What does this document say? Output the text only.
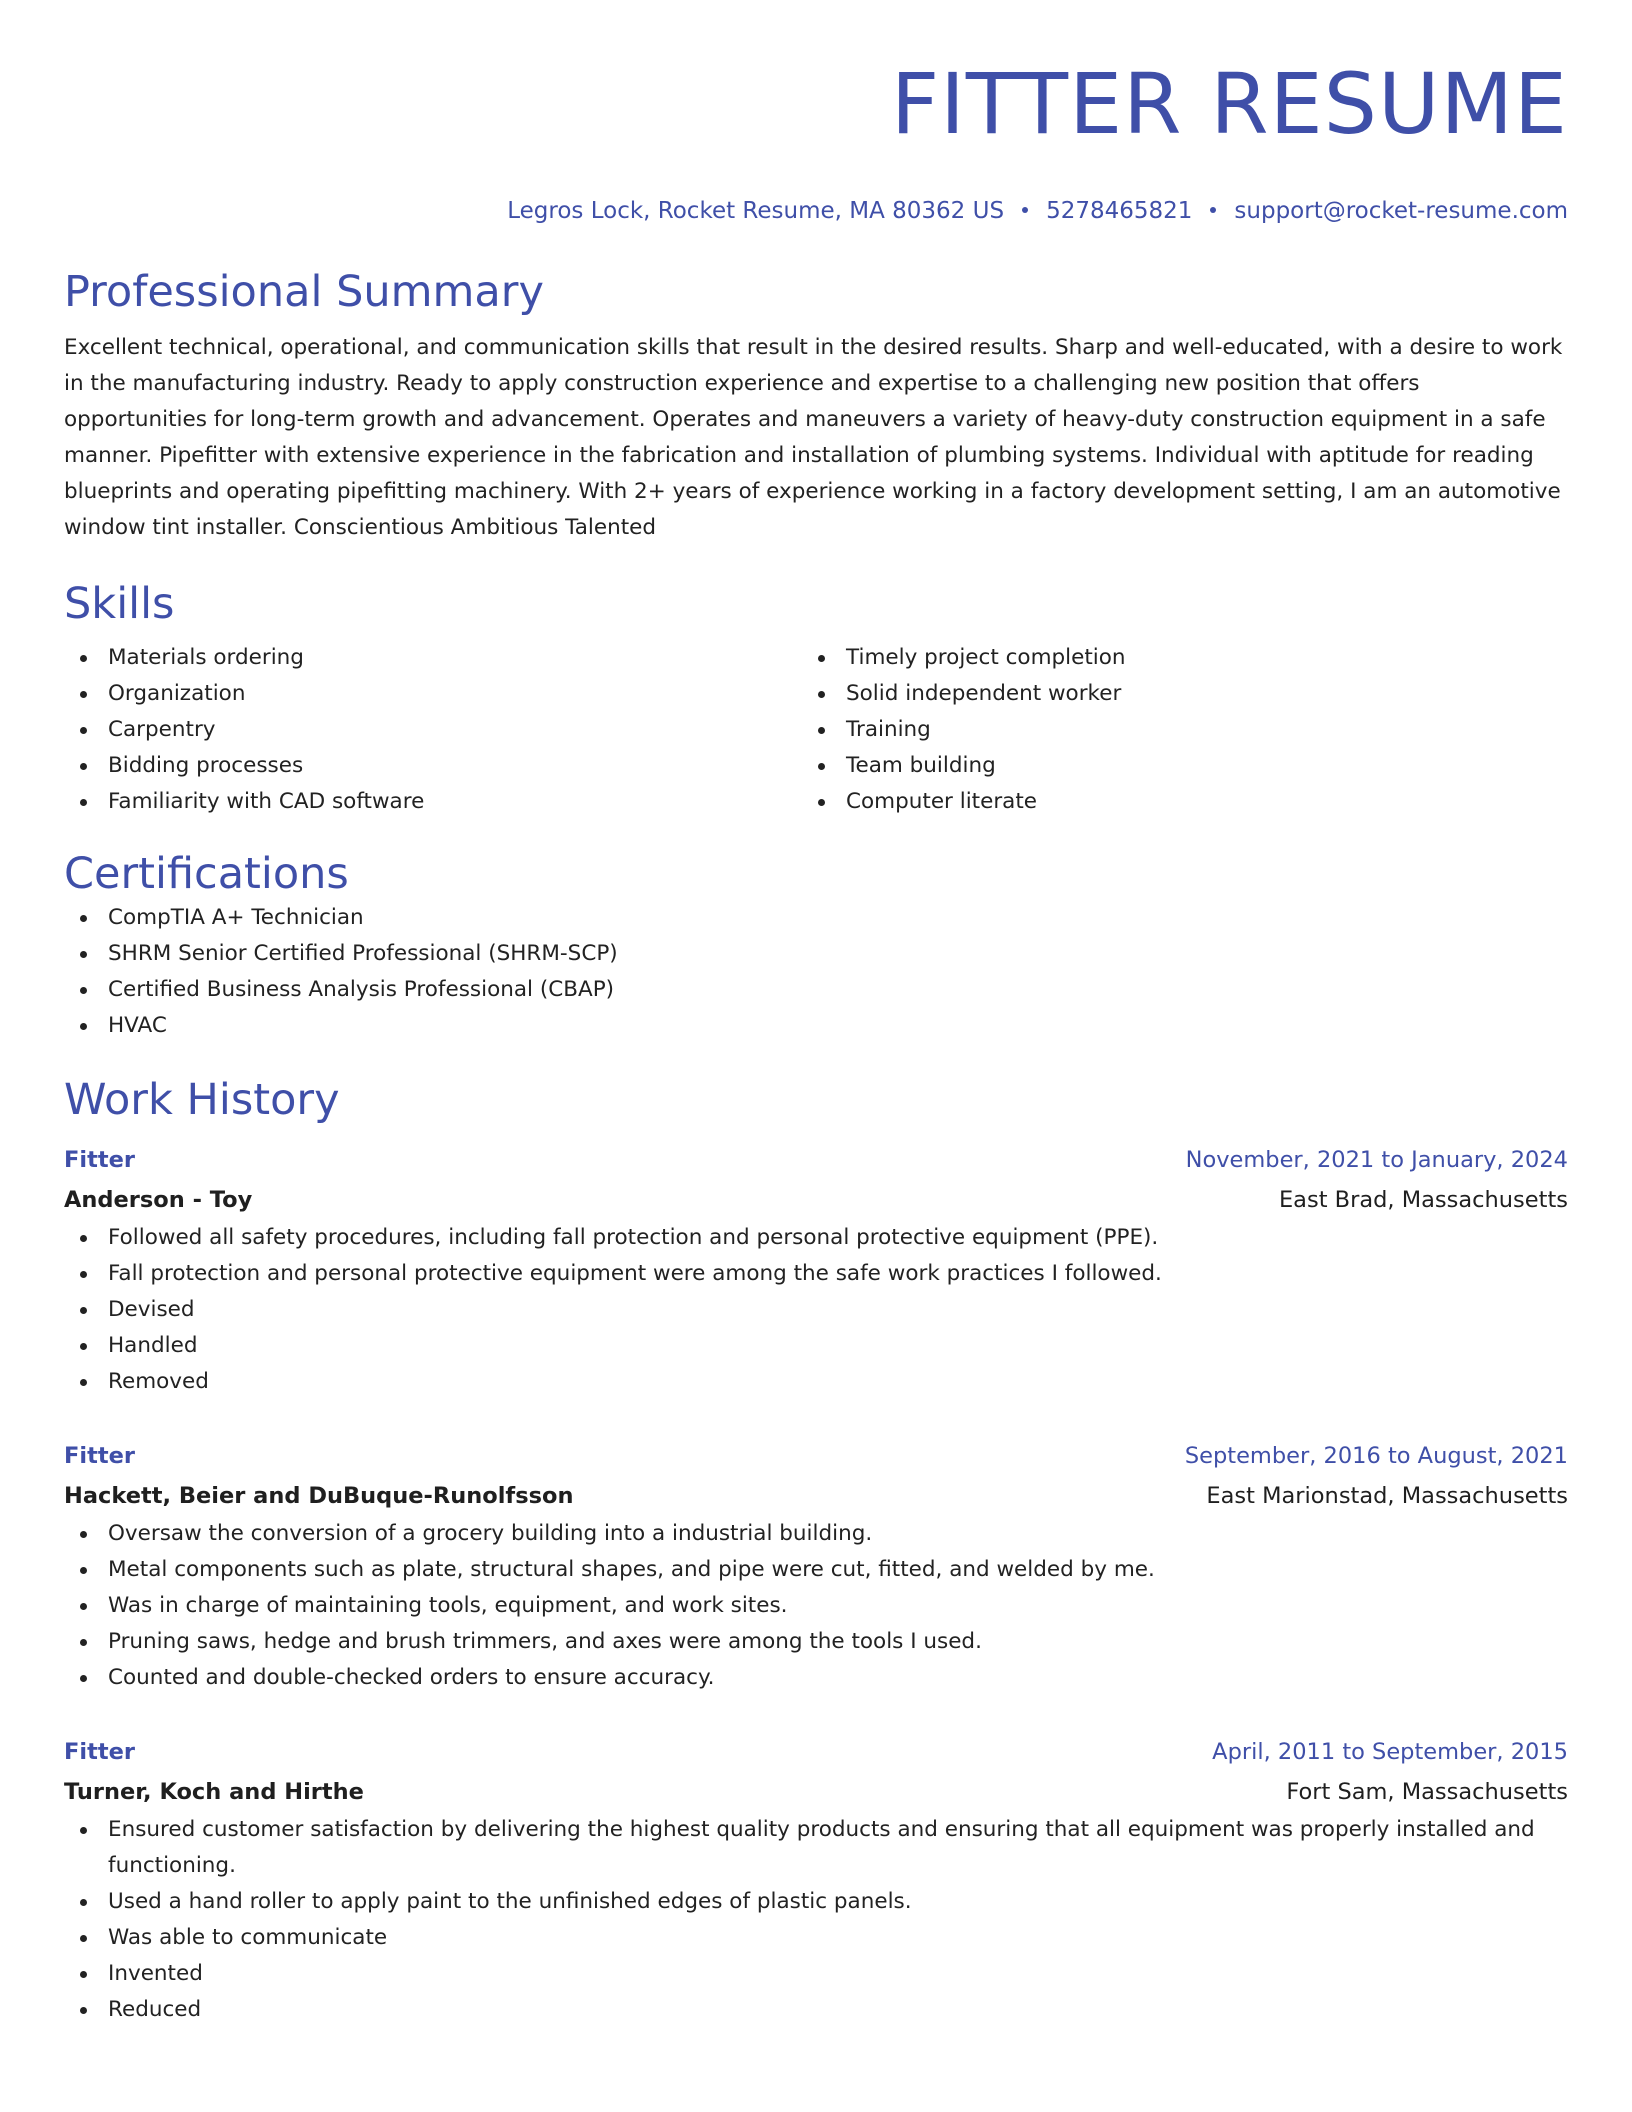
FITTER RESUME
Legros Lock, Rocket Resume, MA 80362 US 5278465821 support@rocket-resume.com
Professional Summary
Excellent technical, operational, and communication skills that result in the desired results. Sharp and well-educated, with a desire to work in the manufacturing industry. Ready to apply construction experience and expertise to a challenging new position that offers opportunities for long-term growth and advancement. Operates and maneuvers a variety of heavy-duty construction equipment in a safe manner. Pipefitter with extensive experience in the fabrication and installation of plumbing systems. Individual with aptitude for reading blueprints and operating pipefitting machinery. With 2+ years of experience working in a factory development setting, I am an automotive window tint installer. Conscientious Ambitious Talented
Skills
Materials ordering
Organization
Carpentry
Bidding processes
Familiarity with CAD software
Timely project completion
Solid independent worker
Training
Team building
Computer literate
Certifications
CompTIA A+ Technician
SHRM Senior Certified Professional (SHRM-SCP)
Certified Business Analysis Professional (CBAP)
HVAC
Work History
Fitter	November, 2021 to January, 2024
Anderson - Toy	East Brad, Massachusetts
Followed all safety procedures, including fall protection and personal protective equipment (PPE).
Fall protection and personal protective equipment were among the safe work practices I followed.
Devised
Handled
Removed
Fitter	September, 2016 to August, 2021
Hackett, Beier and DuBuque-Runolfsson	East Marionstad, Massachusetts
Oversaw the conversion of a grocery building into a industrial building.
Metal components such as plate, structural shapes, and pipe were cut, fitted, and welded by me.
Was in charge of maintaining tools, equipment, and work sites.
Pruning saws, hedge and brush trimmers, and axes were among the tools I used.
Counted and double-checked orders to ensure accuracy.
Fitter	April, 2011 to September, 2015
Turner, Koch and Hirthe	Fort Sam, Massachusetts
Ensured customer satisfaction by delivering the highest quality products and ensuring that all equipment was properly installed and functioning.
Used a hand roller to apply paint to the unfinished edges of plastic panels.
Was able to communicate
Invented
Reduced
